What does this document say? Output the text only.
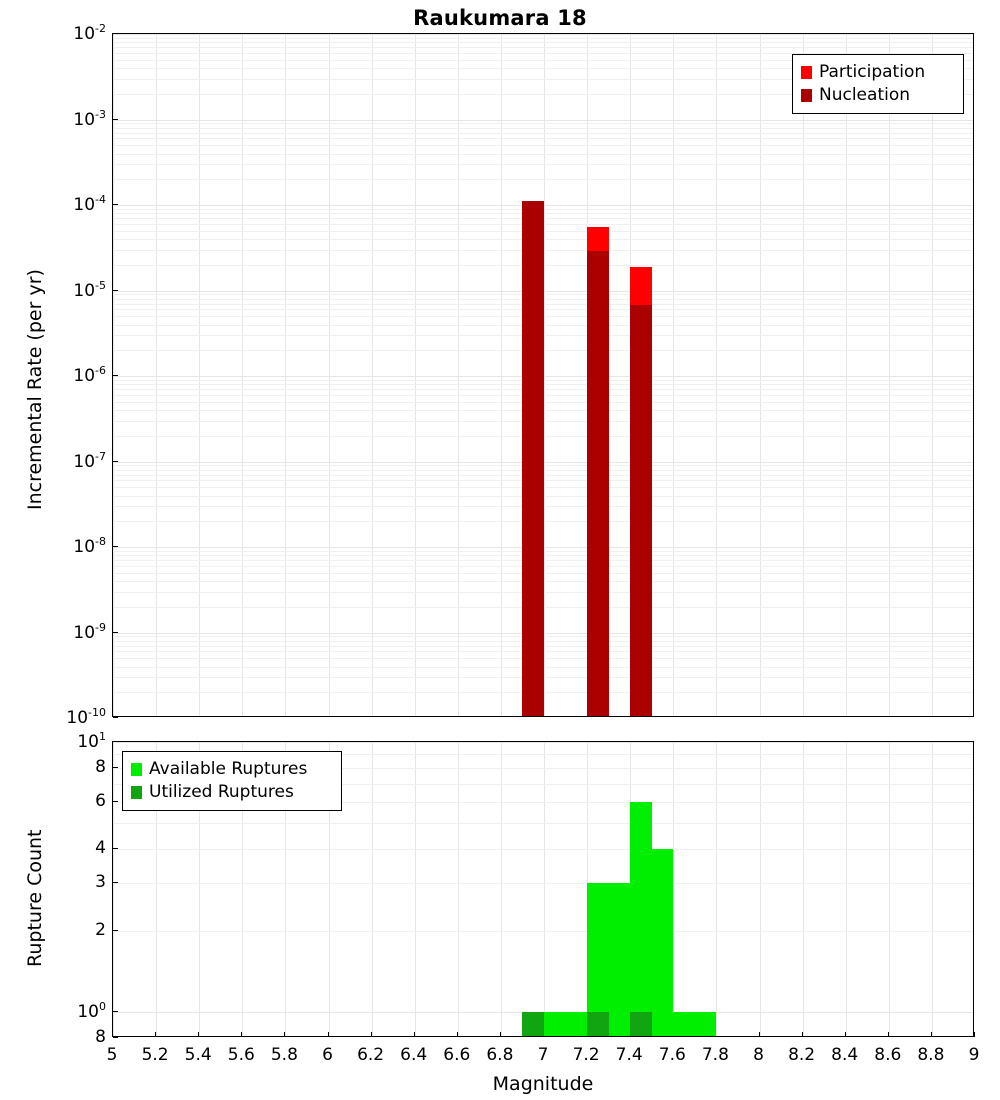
Raukumara 18
Incremental Rate (per yr)
Rupture Count
$10^{-2}$
$10^{-3}$
$10^{-4}$
$10^{-5}$
$10^{-6}$
$10^{-7}$
$10^{-8}$
$10^{-9}$
$10^{-10}$
$10^1$
8
6
4
3
2
$10^0$
8
5 5.2 5.4 5.6 5.8 6 6.2 6.4 6.6 6.8 7 7.2 7.4 7.6 7.8 8 8.2 8.4 8.6 8.8 9
Magnitude
Participation
Nucleation
Available Ruptures
Utilized Ruptures
